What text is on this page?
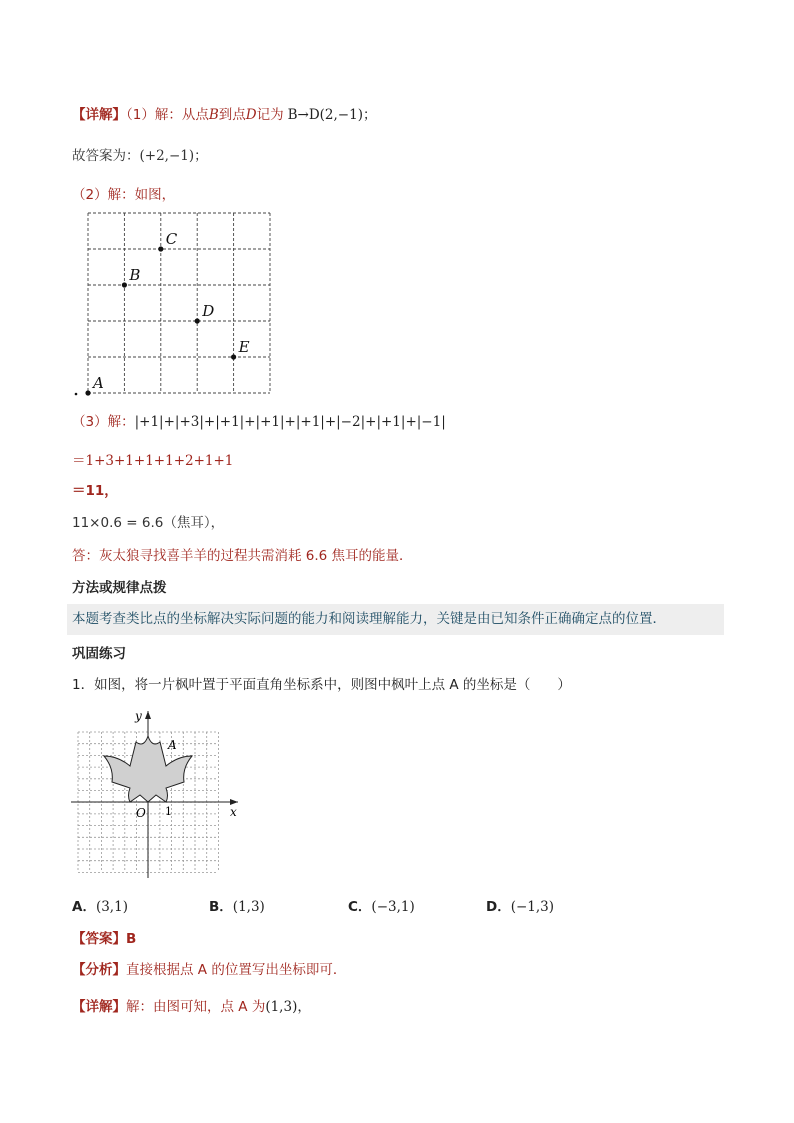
【详解】（1）解：从点B到点D记为 B→D(2,−1)；
故答案为：(+2,−1)；
（2）解：如图，
C
B
D
E
A
（3）解：|+1|+|+3|+|+1|+|+1|+|+1|+|−2|+|+1|+|−1|
＝1+3+1+1+1+2+1+1
＝11，
11×0.6 = 6.6（焦耳），
答：灰太狼寻找喜羊羊的过程共需消耗 6.6 焦耳的能量．
方法或规律点拨
本题考查类比点的坐标解决实际问题的能力和阅读理解能力，关键是由已知条件正确确定点的位置．
巩固练习
1．如图，将一片枫叶置于平面直角坐标系中，则图中枫叶上点 A 的坐标是（　　）
y
x
O 1
A
A．(3,1)	B．(1,3)	C．(−3,1)	D．(−1,3)
【答案】B
【分析】直接根据点 A 的位置写出坐标即可．
【详解】解：由图可知，点 A 为(1,3)，
